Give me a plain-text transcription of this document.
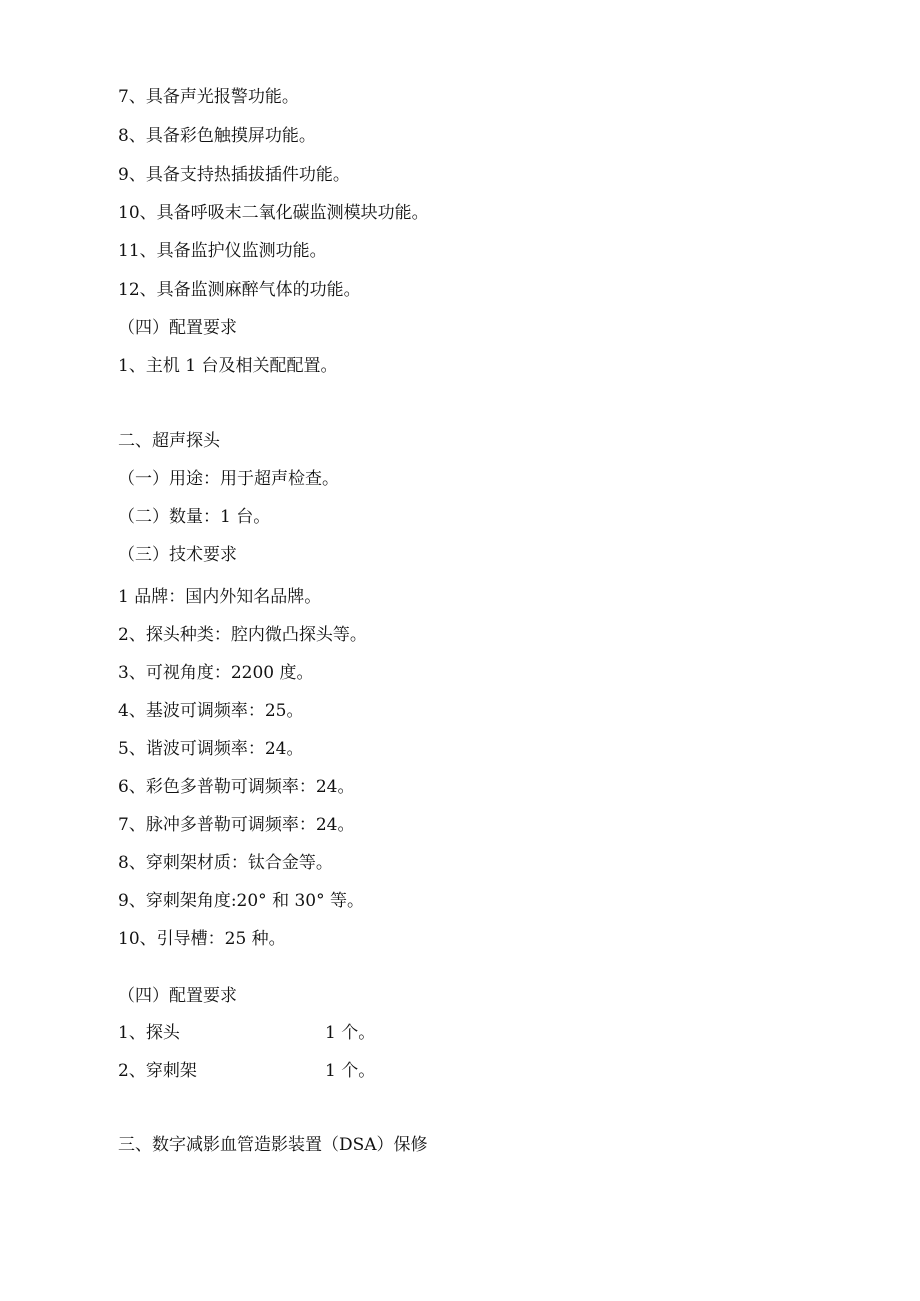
7、具备声光报警功能。
8、具备彩色触摸屏功能。
9、具备支持热插拔插件功能。
10、具备呼吸末二氧化碳监测模块功能。
11、具备监护仪监测功能。
12、具备监测麻醉气体的功能。
（四）配置要求
1、主机 1 台及相关配配置。
二、超声探头
（一）用途：用于超声检查。
（二）数量：1 台。
（三）技术要求
1 品牌：国内外知名品牌。
2、探头种类：腔内微凸探头等。
3、可视角度：2200 度。
4、基波可调频率：25。
5、谐波可调频率：24。
6、彩色多普勒可调频率：24。
7、脉冲多普勒可调频率：24。
8、穿刺架材质：钛合金等。
9、穿刺架角度:20° 和 30° 等。
10、引导槽：25 种。
（四）配置要求
1、探头	1 个。
2、穿刺架	1 个。
三、数字减影血管造影装置（DSA）保修
